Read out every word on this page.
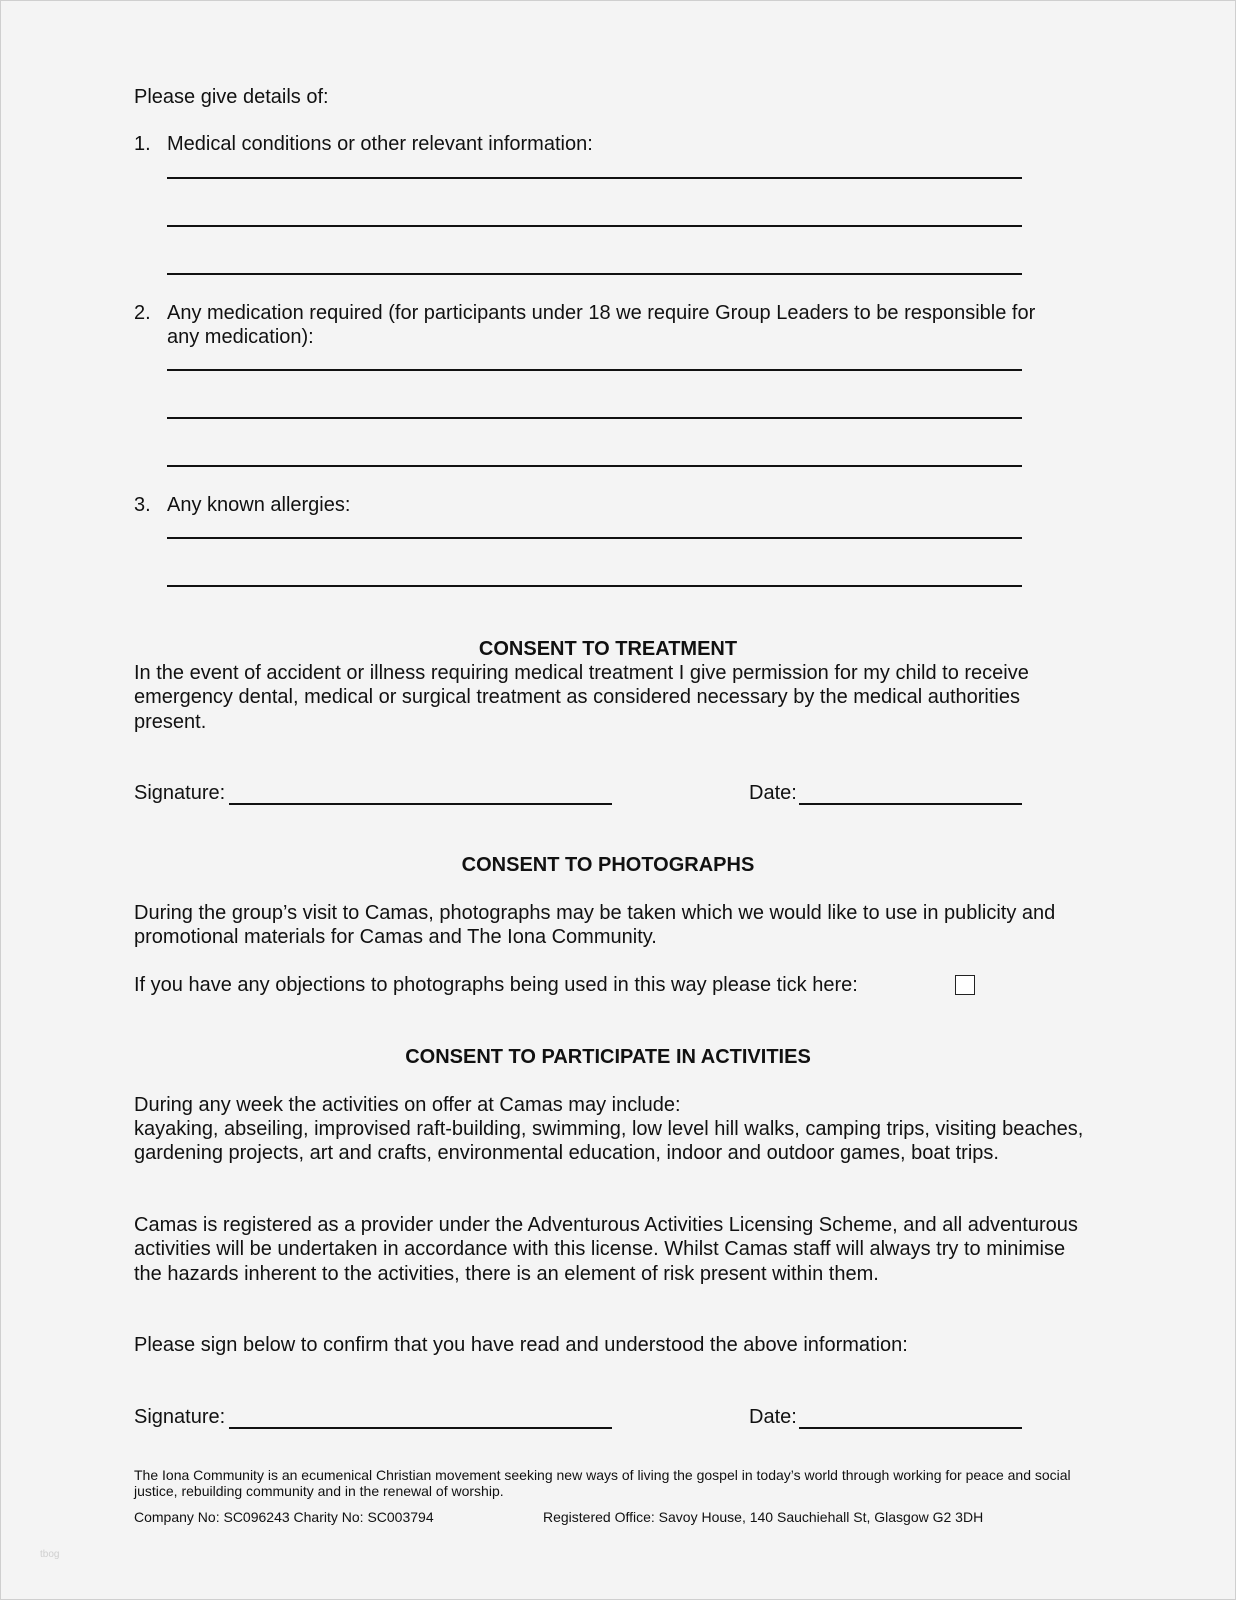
Please give details of:
1. Medical conditions or other relevant information:
2. Any medication required (for participants under 18 we require Group Leaders to be responsible for
any medication):
3. Any known allergies:
CONSENT TO TREATMENT
In the event of accident or illness requiring medical treatment I give permission for my child to receive emergency dental, medical or surgical treatment as considered necessary by the medical authorities present.
Signature:	Date:
CONSENT TO PHOTOGRAPHS
During the group’s visit to Camas, photographs may be taken which we would like to use in publicity and promotional materials for Camas and The Iona Community.
If you have any objections to photographs being used in this way please tick here:
CONSENT TO PARTICIPATE IN ACTIVITIES
During any week the activities on offer at Camas may include:
kayaking, abseiling, improvised raft-building, swimming, low level hill walks, camping trips, visiting beaches, gardening projects, art and crafts, environmental education, indoor and outdoor games, boat trips.
Camas is registered as a provider under the Adventurous Activities Licensing Scheme, and all adventurous activities will be undertaken in accordance with this license. Whilst Camas staff will always try to minimise the hazards inherent to the activities, there is an element of risk present within them.
Please sign below to confirm that you have read and understood the above information:
Signature:	Date:
The Iona Community is an ecumenical Christian movement seeking new ways of living the gospel in today’s world through working for peace and social justice, rebuilding community and in the renewal of worship.
Company No: SC096243 Charity No: SC003794	Registered Office: Savoy House, 140 Sauchiehall St, Glasgow G2 3DH
tbog
